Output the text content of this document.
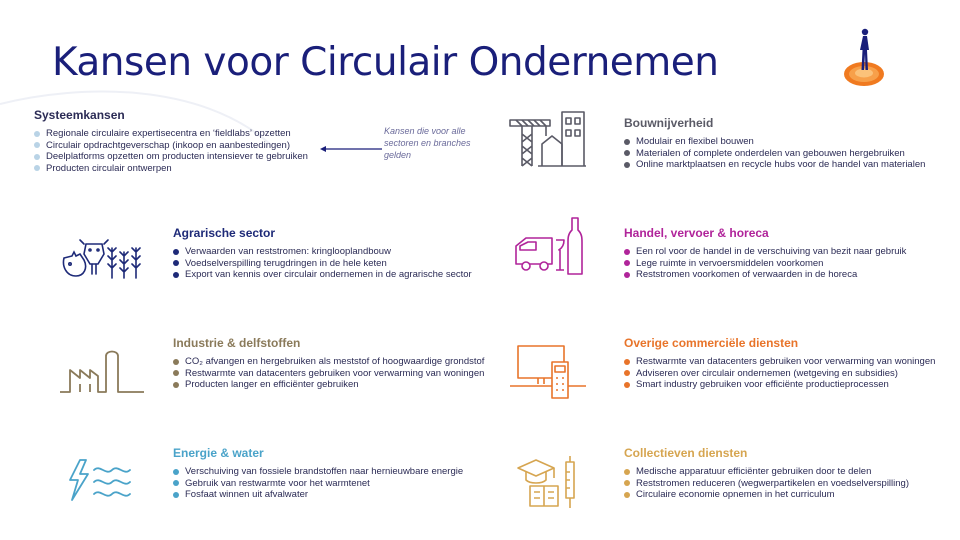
Kansen voor Circulair Ondernemen
Systeemkansen
Regionale circulaire expertisecentra en ‘fieldlabs’ opzetten
Circulair opdrachtgeverschap (inkoop en aanbestedingen)
Deelplatforms opzetten om producten intensiever te gebruiken
Producten circulair ontwerpen
Kansen die voor alle sectoren en branches gelden
Agrarische sector
Verwaarden van reststromen: kringlooplandbouw
Voedselverspilling terugdringen in de hele keten
Export van kennis over circulair ondernemen in de agrarische sector
Industrie & delfstoffen
CO₂ afvangen en hergebruiken als meststof of hoogwaardige grondstof
Restwarmte van datacenters gebruiken voor verwarming van woningen
Producten langer en efficiënter gebruiken
Energie & water
Verschuiving van fossiele brandstoffen naar hernieuwbare energie
Gebruik van restwarmte voor het warmtenet
Fosfaat winnen uit afvalwater
Bouwnijverheid
Modulair en flexibel bouwen
Materialen of complete onderdelen van gebouwen hergebruiken
Online marktplaatsen en recycle hubs voor de handel van materialen
Handel, vervoer & horeca
Een rol voor de handel in de verschuiving van bezit naar gebruik
Lege ruimte in vervoersmiddelen voorkomen
Reststromen voorkomen of verwaarden in de horeca
Overige commerciële diensten
Restwarmte van datacenters gebruiken voor verwarming van woningen
Adviseren over circulair ondernemen (wetgeving en subsidies)
Smart industry gebruiken voor efficiënte productieprocessen
Collectieven diensten
Medische apparatuur efficiënter gebruiken door te delen
Reststromen reduceren (wegwerpartikelen en voedselverspilling)
Circulaire economie opnemen in het curriculum
